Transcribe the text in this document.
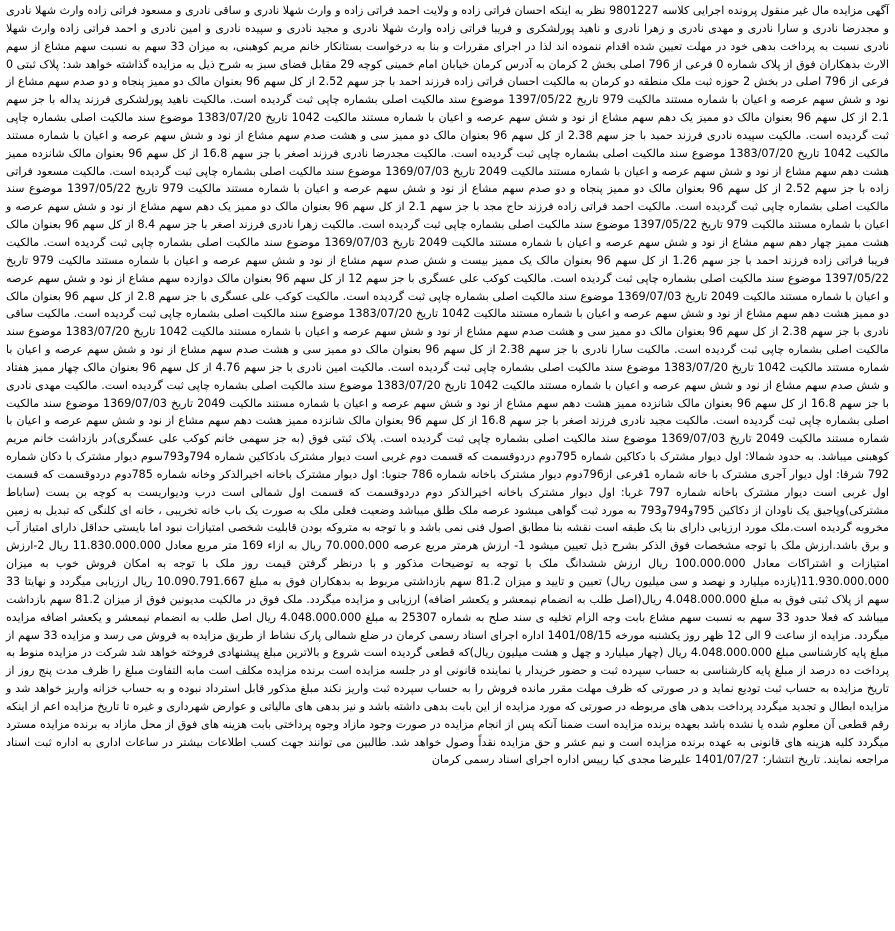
آگهی مزایده مال غیر منقول پرونده اجرایی کلاسه 9801227 نظر به اینکه احسان فراتی زاده و ولایت احمد فراتی زاده و وارث شهلا نادری و ساقی نادری و مسعود فراتی زاده وارث شهلا نادری و مجدرضا نادری و سارا نادری و مهدی نادری و زهرا نادری و ناهید پورلشکری و فریبا فراتی زاده وارث شهلا نادری و مجید نادری و سپیده نادری و امین نادری و احمد فراتی زاده وارث شهلا نادری نسبت به پرداخت بدهی خود در مهلت تعیین شده اقدام ننموده اند لذا در اجرای مقررات و بنا به درخواست بستانکار خانم مریم کوهبنی، به میزان 33 سهم به نسبت سهم مشاع از سهم الارث بدهکاران فوق از پلاک شماره 0 فرعی از 796 اصلی بخش 2 کرمان به آدرس کرمان خیابان امام خمینی کوچه 29 مقابل فضای سبز به شرح ذیل به مزایده گذاشته خواهد شد: پلاک ثبتی 0 فرعی از 796 اصلی در بخش 2 حوزه ثبت ملک منطقه دو کرمان به مالکیت احسان فراتی زاده فرزند احمد با جز سهم 2.52 از کل سهم 96 بعنوان مالک دو ممیز پنجاه و دو صدم سهم مشاع از نود و شش سهم عرصه و اعیان با شماره مستند مالکیت 979 تاریخ 1397/05/22 موضوع سند مالکیت اصلی بشماره چاپی ثبت گردیده است. مالکیت ناهید پورلشکری فرزند یداله با جز سهم 2.1 از کل سهم 96 بعنوان مالک دو ممیز یک دهم سهم مشاع از نود و شش سهم عرصه و اعیان با شماره مستند مالکیت 1042 تاریخ 1383/07/20 موضوع سند مالکیت اصلی بشماره چاپی ثبت گردیده است. مالکیت سپیده نادری فرزند حمید با جز سهم 2.38 از کل سهم 96 بعنوان مالک دو ممیز سی و هشت صدم سهم مشاع از نود و شش سهم عرصه و اعیان با شماره مستند مالکیت 1042 تاریخ 1383/07/20 موضوع سند مالکیت اصلی بشماره چاپی ثبت گردیده است. مالکیت مجدرضا نادری فرزند اصغر با جز سهم 16.8 از کل سهم 96 بعنوان مالک شانزده ممیز هشت دهم سهم مشاع از نود و شش سهم عرصه و اعیان با شماره مستند مالکیت 2049 تاریخ 1369/07/03 موضوع سند مالکیت اصلی بشماره چاپی ثبت گردیده است. مالکیت مسعود فراتی زاده با جز سهم 2.52 از کل سهم 96 بعنوان مالک دو ممیز پنجاه و دو صدم سهم مشاع از نود و شش سهم عرصه و اعیان با شماره مستند مالکیت 979 تاریخ 1397/05/22 موضوع سند مالکیت اصلی بشماره چاپی ثبت گردیده است. مالکیت احمد فراتی زاده فرزند حاج مجد با جز سهم 2.1 از کل سهم 96 بعنوان مالک دو ممیز یک دهم سهم مشاع از نود و شش سهم عرصه و اعیان با شماره مستند مالکیت 979 تاریخ 1397/05/22 موضوع سند مالکیت اصلی بشماره چاپی ثبت گردیده است. مالکیت زهرا نادری فرزند اصغر با جز سهم 8.4 از کل سهم 96 بعنوان مالک هشت ممیز چهار دهم سهم مشاع از نود و شش سهم عرصه و اعیان با شماره مستند مالکیت 2049 تاریخ 1369/07/03 موضوع سند مالکیت اصلی بشماره چاپی ثبت گردیده است. مالکیت فریبا فراتی زاده فرزند احمد با جز سهم 1.26 از کل سهم 96 بعنوان مالک یک ممیز بیست و شش صدم سهم مشاع از نود و شش سهم عرصه و اعیان با شماره مستند مالکیت 979 تاریخ 1397/05/22 موضوع سند مالکیت اصلی بشماره چاپی ثبت گردیده است. مالکیت کوکب علی عسگری با جز سهم 12 از کل سهم 96 بعنوان مالک دوازده سهم مشاع از نود و شش سهم عرصه و اعیان با شماره مستند مالکیت 2049 تاریخ 1369/07/03 موضوع سند مالکیت اصلی بشماره چاپی ثبت گردیده است. مالکیت کوکب علی عسگری با جز سهم 2.8 از کل سهم 96 بعنوان مالک دو ممیز هشت دهم سهم مشاع از نود و شش سهم عرصه و اعیان با شماره مستند مالکیت 1042 تاریخ 1383/07/20 موضوع سند مالکیت اصلی بشماره چاپی ثبت گردیده است. مالکیت ساقی نادری با جز سهم 2.38 از کل سهم 96 بعنوان مالک دو ممیز سی و هشت صدم سهم مشاع از نود و شش سهم عرصه و اعیان با شماره مستند مالکیت 1042 تاریخ 1383/07/20 موضوع سند مالکیت اصلی بشماره چاپی ثبت گردیده است. مالکیت سارا نادری با جز سهم 2.38 از کل سهم 96 بعنوان مالک دو ممیز سی و هشت صدم سهم مشاع از نود و شش سهم عرصه و اعیان با شماره مستند مالکیت 1042 تاریخ 1383/07/20 موضوع سند مالکیت اصلی بشماره چاپی ثبت گردیده است. مالکیت امین نادری با جز سهم 4.76 از کل سهم 96 بعنوان مالک چهار ممیز هفتاد و شش صدم سهم مشاع از نود و شش سهم عرصه و اعیان با شماره مستند مالکیت 1042 تاریخ 1383/07/20 موضوع سند مالکیت اصلی بشماره چاپی ثبت گردیده است. مالکیت مهدی نادری با جز سهم 16.8 از کل سهم 96 بعنوان مالک شانزده ممیز هشت دهم سهم مشاع از نود و شش سهم عرصه و اعیان با شماره مستند مالکیت 2049 تاریخ 1369/07/03 موضوع سند مالکیت اصلی بشماره چاپی ثبت گردیده است. مالکیت مجید نادری فرزند اصغر با جز سهم 16.8 از کل سهم 96 بعنوان مالک شانزده ممیز هشت دهم سهم مشاع از نود و شش سهم عرصه و اعیان با شماره مستند مالکیت 2049 تاریخ 1369/07/03 موضوع سند مالکیت اصلی بشماره چاپی ثبت گردیده است. پلاک ثبتی فوق (به جز سهمی خانم کوکب علی عسگری)در بازداشت خانم مریم کوهبنی میباشد. به حدود شمالا: اول دیوار مشترک با دکاکین شماره 795دوم دردوقسمت که قسمت دوم غربی است دیوار مشترک بادکاکین شماره 794و793سوم دیوار مشترک با دکان شماره 792 شرقا: اول دیوار آجری مشترک با خانه شماره 1فرعی از796دوم دیوار مشترک باخانه شماره 786 جنوبا: اول دیوار مشترک باخانه اخیرالذکر وخانه شماره 785دوم دردوقسمت که قسمت اول غربی است دیوار مشترک باخانه شماره 797 غربا: اول دیوار مشترک باخانه اخیرالذکر دوم دردوقسمت که قسمت اول شمالی است درب ودیواریست به کوچه بن بست (ساباط مشترکی)وپاجیق یک ناودان از دکاکین 795و794و793 به مورد ثبت گواهی میشود عرصه ملک طلق میباشد وضعیت فعلی ملک به صورت یک باب خانه تخریبی ، خانه ای کلنگی که تبدیل به زمین مخروبه گردیده است.ملک مورد ارزیابی دارای بنا یک طبقه است نقشه بنا مطابق اصول فنی نمی باشد و با توجه به متروکه بودن قابلیت شخصی امتیازات نبود اما بایستی حداقل دارای امتیاز آب و برق باشد.ارزش ملک با توجه مشخصات فوق الذکر بشرح ذیل تعیین میشود 1- ارزش هرمتر مربع عرصه 70.000.000 ریال به ازاء 169 متر مربع معادل 11.830.000.000 ریال 2-ارزش امتیازات و اشتراکات معادل 100.000.000 ریال ارزش ششدانگ ملک با توجه به توضیحات مذکور و با درنظر گرفتن قیمت روز ملک با توجه به امکان فروش خوب به میزان 11.930.000.000(یازده میلیارد و نهصد و سی میلیون ریال) تعیین و تایید و میزان 81.2 سهم بازداشتی مربوط به بدهکاران فوق به مبلغ 10.090.791.667 ریال ارزیابی میگردد و نهایتا 33 سهم از پلاک ثبتی فوق به مبلغ 4.048.000.000 ریال(اصل طلب به انضمام نیمعشر و یکعشر اضافه) ارزیابی و مزایده میگردد. ملک فوق در مالکیت مدیونین فوق از میزان 81.2 سهم بازداشت میباشد که فعلا حدود 33 سهم به نسبت سهم مشاع بابت وجه الزام تخلیه ی سند صلح به شماره 25307 به مبلغ 4.048.000.000 ریال اصل طلب به انضمام نیمعشر و یکعشر اضافه مزایده میگردد. مزایده از ساعت 9 الی 12 ظهر روز یکشنبه مورخه 1401/08/15 اداره اجرای اسناد رسمی کرمان در ضلع شمالی پارک نشاط از طریق مزایده به فروش می رسد و مزایده 33 سهم از مبلغ پایه کارشناسی مبلغ 4.048.000.000 ریال (چهار میلیارد و چهل و هشت میلیون ریال)که قطعی گردیده است شروع و بالاترین مبلغ پیشنهادی فروخته خواهد شد شرکت در مزایده منوط به پرداخت ده درصد از مبلغ پایه کارشناسی به حساب سپرده ثبت و حضور خریدار یا نماینده قانونی او در جلسه مزایده است برنده مزایده مکلف است مابه التفاوت مبلغ را ظرف مدت پنج روز از تاریخ مزایده به حساب ثبت تودیع نماید و در صورتی که ظرف مهلت مقرر مانده فروش را به حساب سپرده ثبت واریز نکند مبلغ مذکور قابل استرداد نبوده و به حساب خزانه واریز خواهد شد و مزایده ابطال و تجدید میگردد پرداخت بدهی های مربوطه در صورتی که مورد مزایده از این بابت بدهی داشته باشد و نیز بدهی های مالیاتی و عوارض شهرداری و غیره تا تاریخ مزایده اعم از اینکه رقم قطعی آن معلوم شده یا نشده باشد بعهده برنده مزایده است ضمنا آنکه پس از انجام مزایده در صورت وجود مازاد وجوه پرداختی بابت هزینه های فوق از محل مازاد به برنده مزایده مسترد میگردد کلیه هزینه های قانونی به عهده برنده مزایده است و نیم عشر و حق مزایده نقداً وصول خواهد شد. طالبین می توانند جهت کسب اطلاعات بیشتر در ساعات اداری به اداره ثبت اسناد مراجعه نمایند. تاریخ انتشار: 1401/07/27 علیرضا مجدی کیا رییس اداره اجرای اسناد رسمی کرمان
